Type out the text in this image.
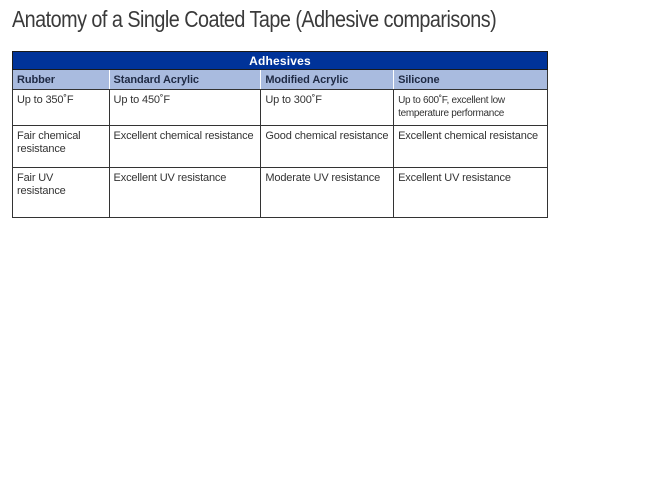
Anatomy of a Single Coated Tape (Adhesive comparisons)
Adhesives			
Rubber	Standard Acrylic	Modified Acrylic	Silicone
Up to 350˚F	Up to 450˚F	Up to 300˚F	Up to 600˚F, excellent low temperature performance
Fair chemical resistance	Excellent chemical resistance	Good chemical resistance	Excellent chemical resistance
Fair UV resistance	Excellent UV resistance	Moderate UV resistance	Excellent UV resistance
